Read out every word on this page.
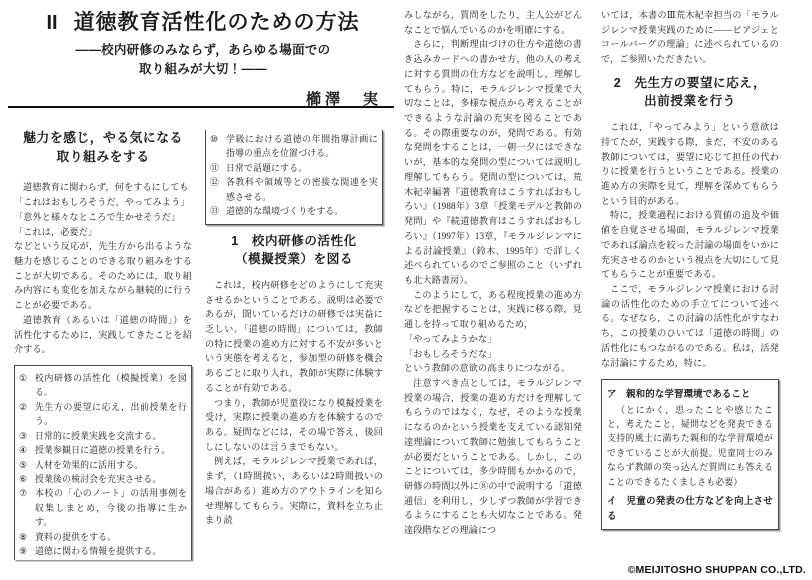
II 道徳教育活性化のための方法
——校内研修のみならず，あらゆる場面での
取り組みが大切！——
櫛澤　実
魅力を感じ，やる気になる
取り組みをする

道徳教育に関わらず，何をするにしても

「これはおもしろそうだ，やってみよう」

「意外と様々なところで生かせそうだ」

「これは，必要だ」

などという反応が，先生方から出るような魅力を感じることのできる取り組みをすることが大切である。そのためには，取り組み内容にも変化を加えながら継続的に行うことが必要である。

道徳教育（あるいは「道徳の時間」）を活性化するために，実践してきたことを紹介する。

① 校内研修の活性化（模擬授業）を図る。
② 先生方の要望に応え，出前授業を行う。
③ 日常的に授業実践を交流する。
④ 授業参観日に道徳の授業を行う。
⑤ 人材を効果的に活用する。
⑥ 授業後の検討会を充実させる。
⑦ 本校の「心のノート」の活用事例を収集しまとめ，今後の指導に生かす。
⑧ 資料の提供をする。
⑨ 道徳に関わる情報を提供する。
⑩ 学級における道徳の年間指導計画に指導の重点を位置づける。
⑪ 日常で話題にする。
⑫ 各教科や領域等との密接な関連を実感させる。
⑬ 道徳的な環境づくりをする。
1　校内研修の活性化
（模擬授業）を図る

これは，校内研修をどのようにして充実させるかということである。説明は必要であるが，聞いているだけの研修では実益に乏しい。「道徳の時間」については，教師の特に授業の進め方に対する不安が多いという実態を考えると，参加型の研修を機会あるごとに取り入れ，教師が実際に体験することが有効である。

つまり，教師が児童役になり模擬授業を受け，実際に授業の進め方を体験するのである。疑問などには，その場で答え，後回しにしないのは言うまでもない。

例えば，モラルジレンマ授業であれば，まず，（1時間扱い，あるいは2時間扱いの場合がある）進め方のアウトラインを知らせ理解してもらう。実際に，資料を立ち止まり読

みしながら，質問をしたり，主人公がどんなことで悩んでいるのかを明確にする。

さらに，判断理由づけの仕方や道徳の書き込みカードへの書かせ方，他の人の考えに対する質問の仕方などを説明し，理解してもらう。特に，モラルジレンマ授業で大切なことは，多様な視点から考えることができるような討論の充実を図ることである。その際重要なのが，発問である。有効な発問をすることは，一朝一夕にはできないが，基本的な発問の型については説明し理解してもらう。発問の型については，荒木紀幸編著『道徳教育はこうすればおもしろい』（1988年）3章「授業モデルと教師の発問」や『続道徳教育はこうすればおもしろい』（1997年）13章，『モラルジレンマによる討論授業』（鈴木、1995年）で詳しく述べられているのでご参照のこと（いずれも北大路書房）。

このようにして，ある程度授業の進め方などを把握することは，実践に移る際，見通しを持って取り組めるため，

「やってみようかな」

「おもしろそうだな」

という教師の意欲の高まりにつながる。

注意すべき点としては，モラルジレンマ授業の場合，授業の進め方だけを理解してもらうのではなく，なぜ，そのような授業になるのかという授業を支えている認知発達理論について教師に勉強してもらうことが必要だということである。しかし，このことについては，多少時間もかかるので，研修の時間以外に⑧の中で説明する「道徳通信」を利用し，少しずつ教師が学習できるようにすることも大切なことである。発達段階などの理論につ

いては，本書のⅢ荒木紀幸担当の「モラルジレンマ授業実践のために——ピアジェとコールバーグの理論」に述べられているので，ご参照いただきたい。

2　先生方の要望に応え，
出前授業を行う

これは，「やってみよう」という意欲は持てたが，実践する際，まだ，不安のある教師については，要望に応じて担任の代わりに授業を行うということである。授業の進め方の実際を見て，理解を深めてもらうという目的がある。

特に，授業過程における質値の追及や価値を自覚させる場面，モラルジレンマ授業であれば論点を絞った討論の場面をいかに充実させるのかという視点を大切にして見てもらうことが重要である。

ここで，モラルジレンマ授業における討論の活性化のための手立てについて述べる。なぜなら，この討論の活性化がすなわち，この授業のひいては「道徳の時間」の活性化にもつながるのである。私は，活発な討論にするため，特に。

ア　親和的な学習環境であること
（とにかく，思ったことや感じたこと，考えたこと，疑問などを発表できる支持的風土に満ちた親和的な学習環境ができていることが大前提。児童同士のみならず教師の突っ込んだ質問にも答えることのできるたくましさも必要）
イ　児童の発表の仕方などを向上させる
©MEIJITOSHO SHUPPAN CO.,LTD.
